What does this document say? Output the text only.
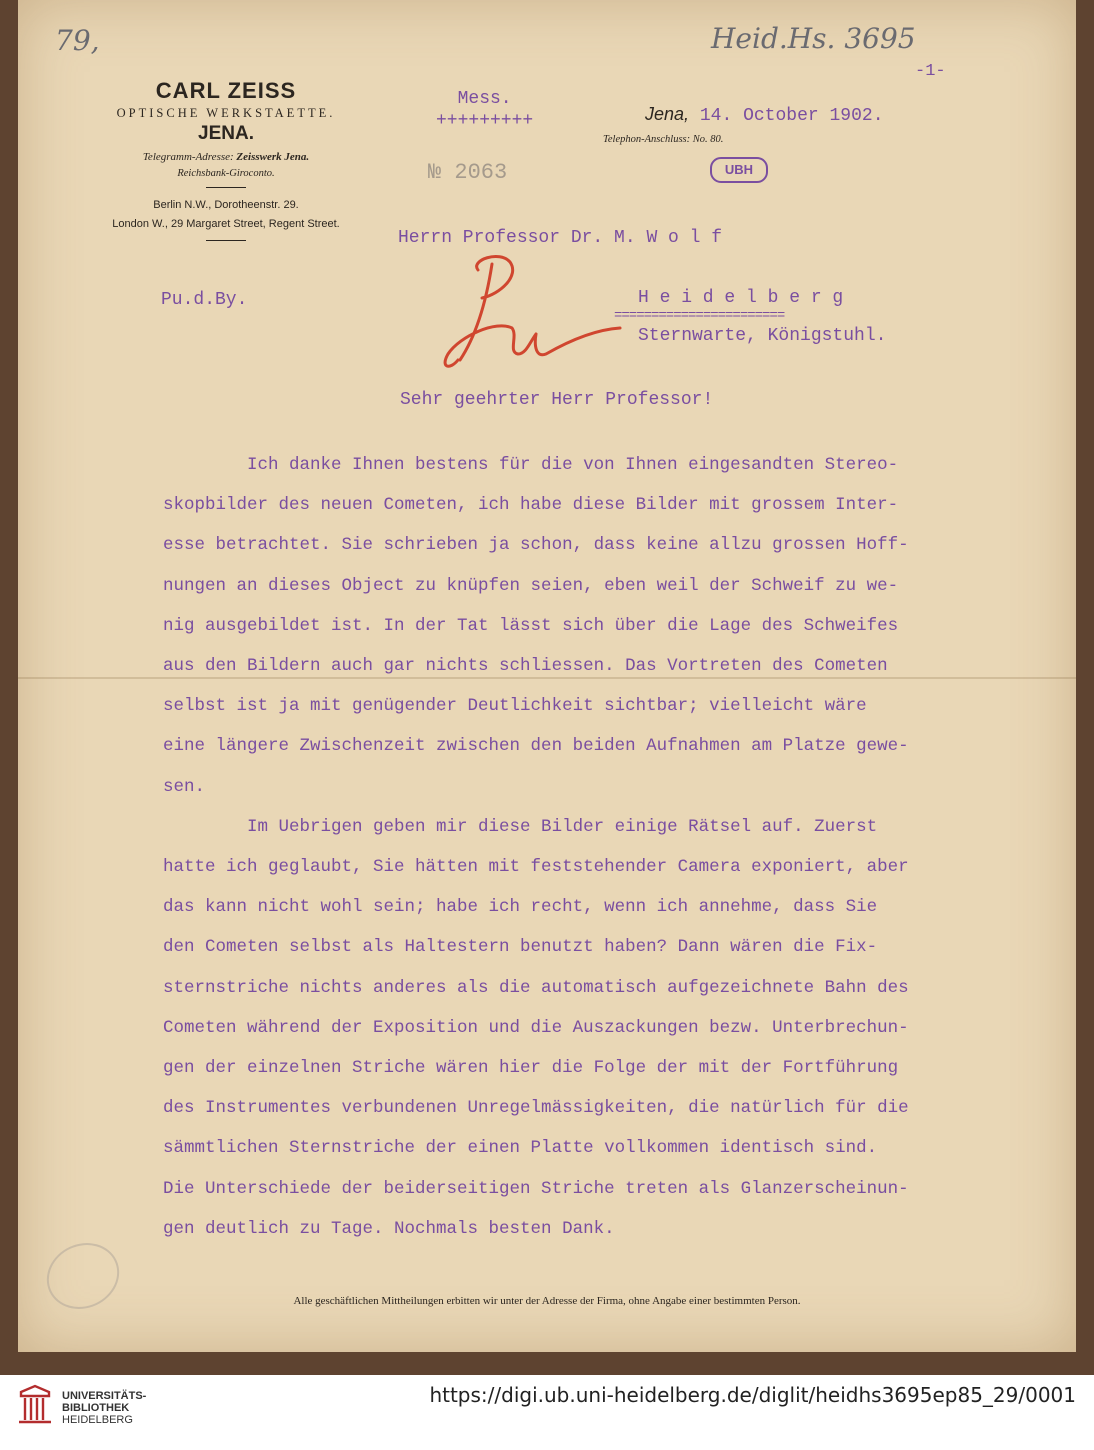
79,	Heid.Hs. 3695
-1-
CARL ZEISS
OPTISCHE WERKSTAETTE.
JENA.
Telegramm-Adresse: Zeisswerk Jena.
Reichsbank-Giroconto.
Berlin N.W., Dorotheenstr. 29.
London W., 29 Margaret Street, Regent Street.
Mess.
+++++++++
№ 2063
Jena, 14. October 1902.
Telephon-Anschluss: No. 80.
UBH
Pu.d.By.
Herrn Professor Dr. M. W o l f
H e i d e l b e r g
=======================
Sternwarte, Königstuhl.
Sehr geehrter Herr Professor!
Ich danke Ihnen bestens für die von Ihnen eingesandten Stereo-
skopbilder des neuen Cometen, ich habe diese Bilder mit grossem Inter-
esse betrachtet. Sie schrieben ja schon, dass keine allzu grossen Hoff-
nungen an dieses Object zu knüpfen seien, eben weil der Schweif zu we-
nig ausgebildet ist. In der Tat lässt sich über die Lage des Schweifes
aus den Bildern auch gar nichts schliessen. Das Vortreten des Cometen
selbst ist ja mit genügender Deutlichkeit sichtbar; vielleicht wäre
eine längere Zwischenzeit zwischen den beiden Aufnahmen am Platze gewe-
sen.
Im Uebrigen geben mir diese Bilder einige Rätsel auf. Zuerst
hatte ich geglaubt, Sie hätten mit feststehender Camera exponiert, aber
das kann nicht wohl sein; habe ich recht, wenn ich annehme, dass Sie
den Cometen selbst als Haltestern benutzt haben? Dann wären die Fix-
sternstriche nichts anderes als die automatisch aufgezeichnete Bahn des
Cometen während der Exposition und die Auszackungen bezw. Unterbrechun-
gen der einzelnen Striche wären hier die Folge der mit der Fortführung
des Instrumentes verbundenen Unregelmässigkeiten, die natürlich für die
sämmtlichen Sternstriche der einen Platte vollkommen identisch sind.
Die Unterschiede der beiderseitigen Striche treten als Glanzerscheinun-
gen deutlich zu Tage. Nochmals besten Dank.
Alle geschäftlichen Mittheilungen erbitten wir unter der Adresse der Firma, ohne Angabe einer bestimmten Person.
UNIVERSITÄTS-
BIBLIOTHEK
HEIDELBERG
https://digi.ub.uni-heidelberg.de/diglit/heidhs3695ep85_29/0001
